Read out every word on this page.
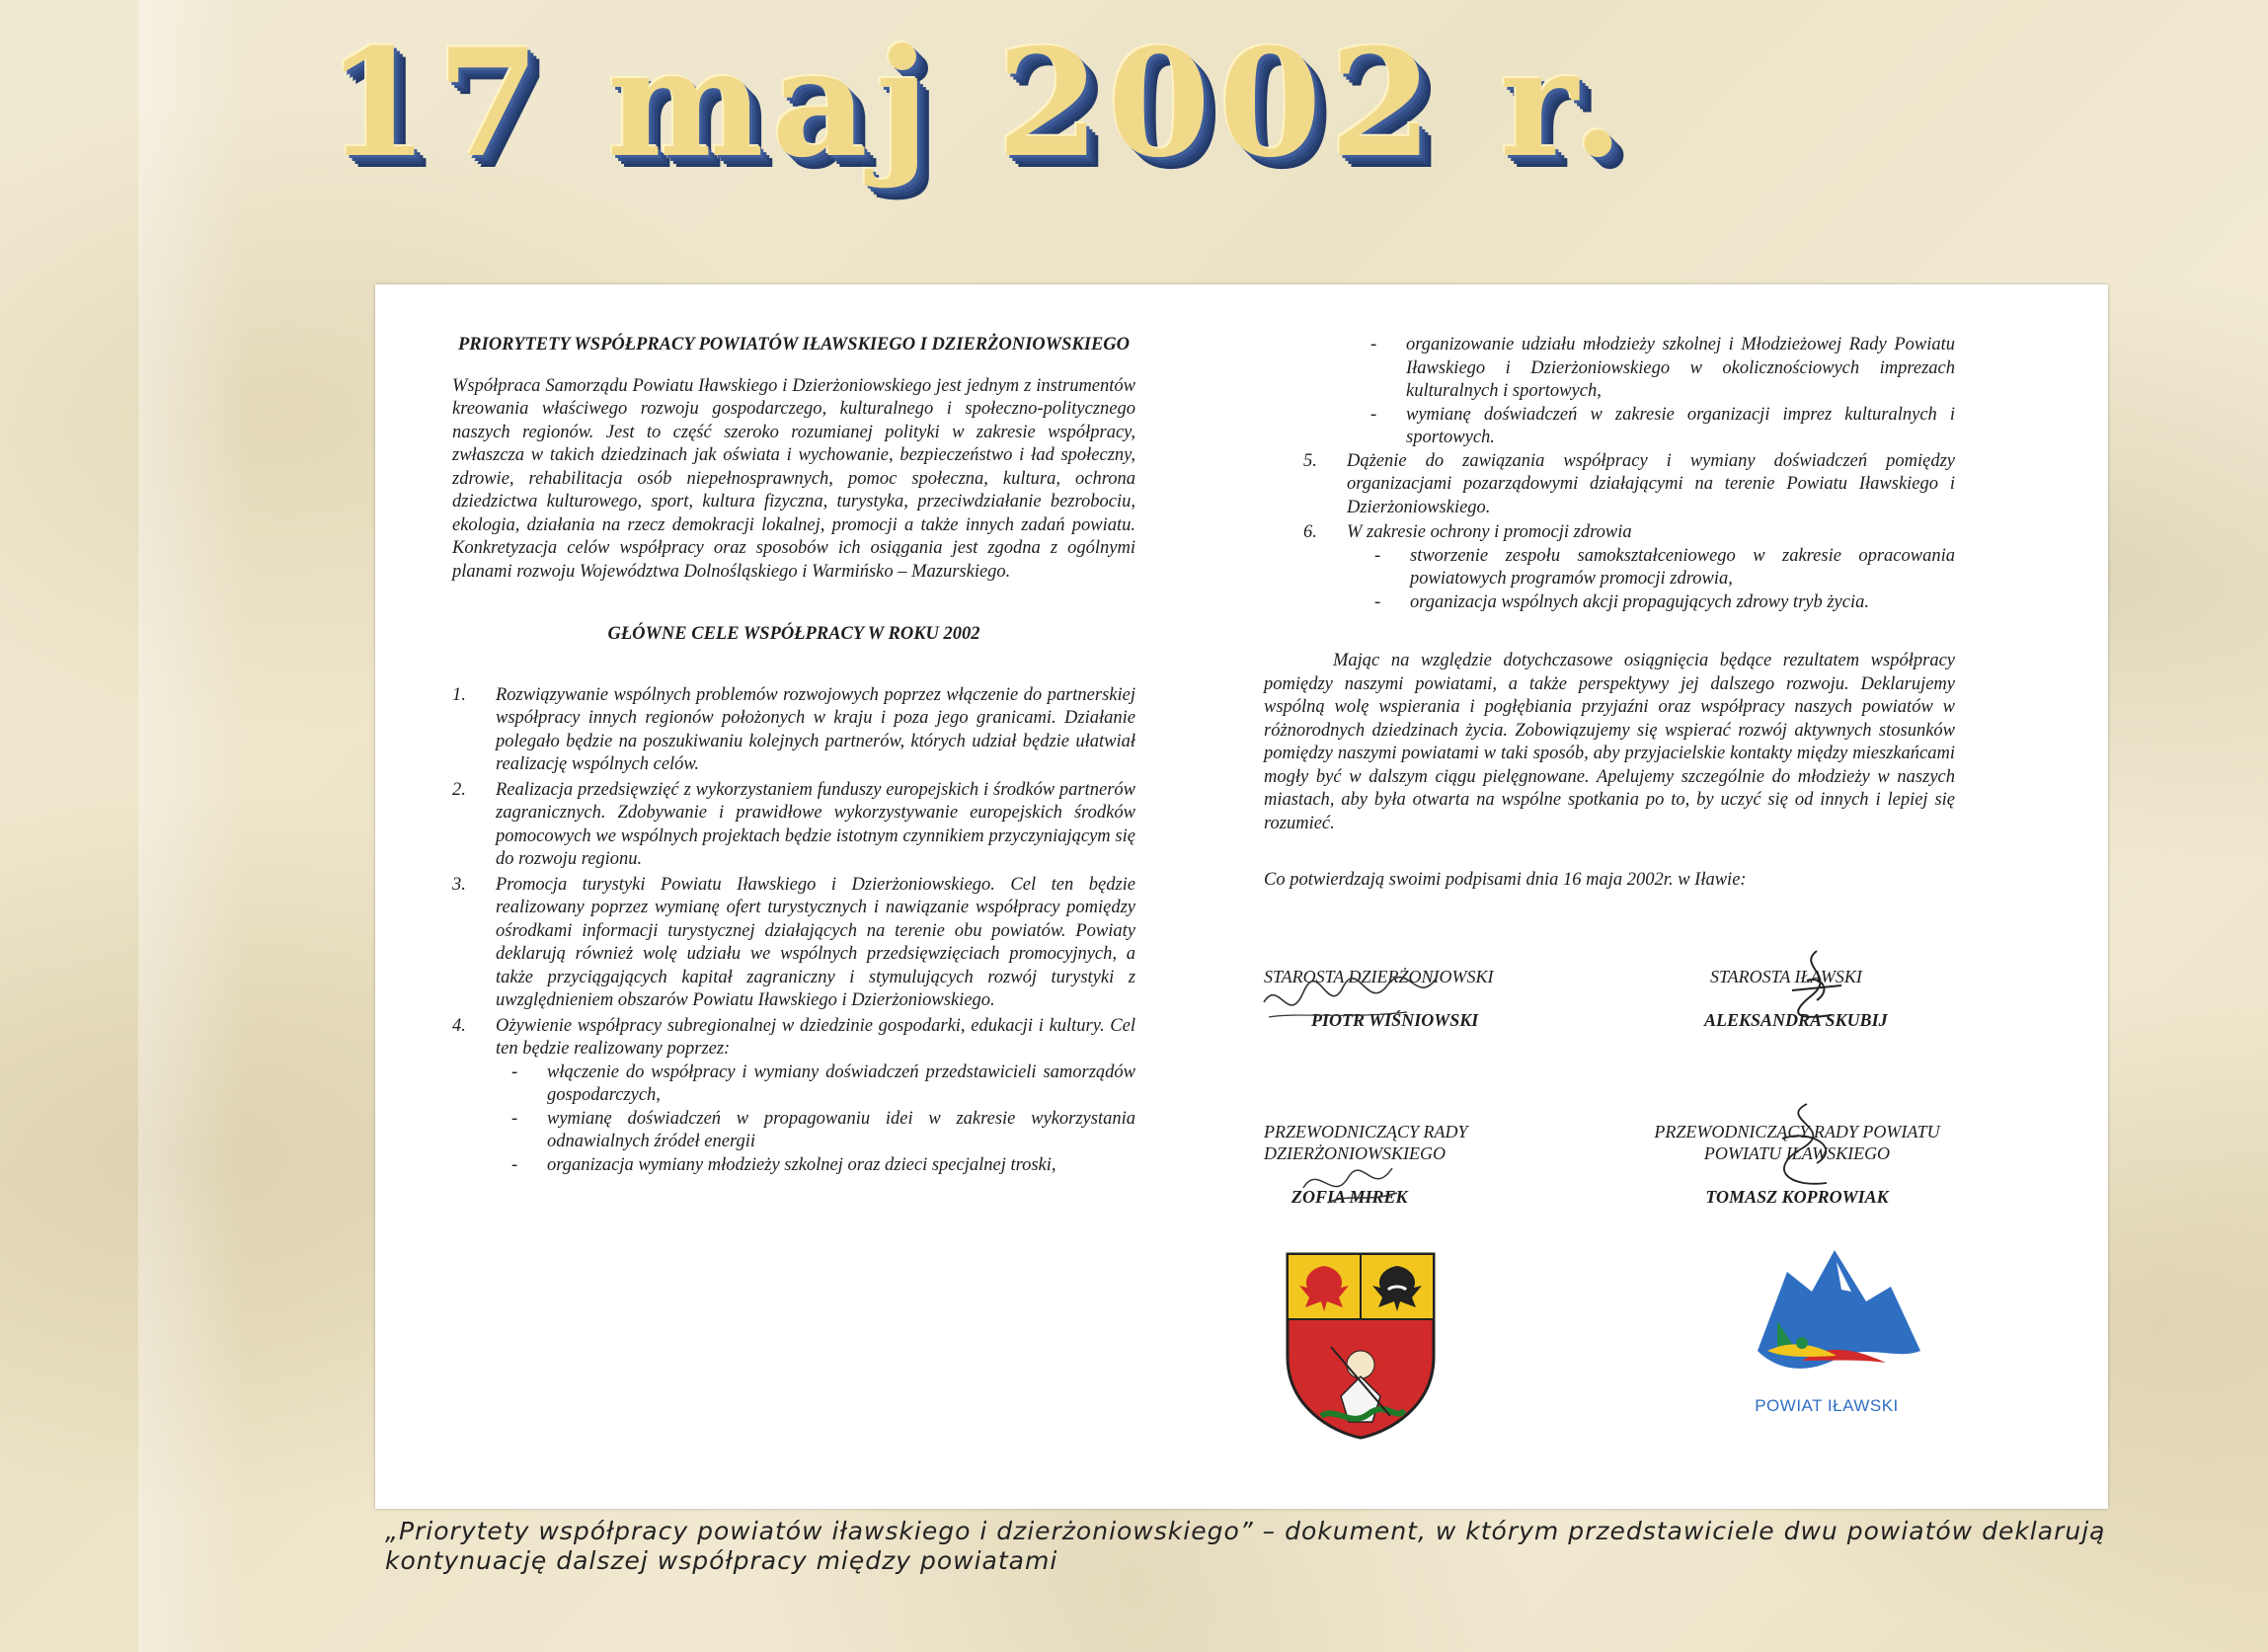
17 maj 2002 r.
PRIORYTETY WSPÓŁPRACY POWIATÓW IŁAWSKIEGO I DZIERŻONIOWSKIEGO

Współpraca Samorządu Powiatu Iławskiego i Dzierżoniowskiego jest jednym z instrumentów kreowania właściwego rozwoju gospodarczego, kulturalnego i społeczno-politycznego naszych regionów. Jest to część szeroko rozumianej polityki w zakresie współpracy, zwłaszcza w takich dziedzinach jak oświata i wychowanie, bezpieczeństwo i ład społeczny, zdrowie, rehabilitacja osób niepełnosprawnych, pomoc społeczna, kultura, ochrona dziedzictwa kulturowego, sport, kultura fizyczna, turystyka, przeciwdziałanie bezrobociu, ekologia, działania na rzecz demokracji lokalnej, promocji a także innych zadań powiatu. Konkretyzacja celów współpracy oraz sposobów ich osiągania jest zgodna z ogólnymi planami rozwoju Województwa Dolnośląskiego i Warmińsko – Mazurskiego.

GŁÓWNE CELE WSPÓŁPRACY W ROKU 2002
1. Rozwiązywanie wspólnych problemów rozwojowych poprzez włączenie do partnerskiej współpracy innych regionów położonych w kraju i poza jego granicami. Działanie polegało będzie na poszukiwaniu kolejnych partnerów, których udział będzie ułatwiał realizację wspólnych celów.
2. Realizacja przedsięwzięć z wykorzystaniem funduszy europejskich i środków partnerów zagranicznych. Zdobywanie i prawidłowe wykorzystywanie europejskich środków pomocowych we wspólnych projektach będzie istotnym czynnikiem przyczyniającym się do rozwoju regionu.
3. Promocja turystyki Powiatu Iławskiego i Dzierżoniowskiego. Cel ten będzie realizowany poprzez wymianę ofert turystycznych i nawiązanie współpracy pomiędzy ośrodkami informacji turystycznej działających na terenie obu powiatów. Powiaty deklarują również wolę udziału we wspólnych przedsięwzięciach promocyjnych, a także przyciągających kapitał zagraniczny i stymulujących rozwój turystyki z uwzględnieniem obszarów Powiatu Iławskiego i Dzierżoniowskiego.
4. Ożywienie współpracy subregionalnej w dziedzinie gospodarki, edukacji i kultury. Cel ten będzie realizowany poprzez:
- włączenie do współpracy i wymiany doświadczeń przedstawicieli samorządów gospodarczych,
- wymianę doświadczeń w propagowaniu idei w zakresie wykorzystania odnawialnych źródeł energii
- organizacja wymiany młodzieży szkolnej oraz dzieci specjalnej troski,
- organizowanie udziału młodzieży szkolnej i Młodzieżowej Rady Powiatu Iławskiego i Dzierżoniowskiego w okolicznościowych imprezach kulturalnych i sportowych,
- wymianę doświadczeń w zakresie organizacji imprez kulturalnych i sportowych.
5. Dążenie do zawiązania współpracy i wymiany doświadczeń pomiędzy organizacjami pozarządowymi działającymi na terenie Powiatu Iławskiego i Dzierżoniowskiego.
6. W zakresie ochrony i promocji zdrowia
- stworzenie zespołu samokształceniowego w zakresie opracowania powiatowych programów promocji zdrowia,
- organizacja wspólnych akcji propagujących zdrowy tryb życia.

Mając na względzie dotychczasowe osiągnięcia będące rezultatem współpracy pomiędzy naszymi powiatami, a także perspektywy jej dalszego rozwoju. Deklarujemy wspólną wolę wspierania i pogłębiania przyjaźni oraz współpracy naszych powiatów w różnorodnych dziedzinach życia. Zobowiązujemy się wspierać rozwój aktywnych stosunków pomiędzy naszymi powiatami w taki sposób, aby przyjacielskie kontakty między mieszkańcami mogły być w dalszym ciągu pielęgnowane. Apelujemy szczególnie do młodzieży w naszych miastach, aby była otwarta na wspólne spotkania po to, by uczyć się od innych i lepiej się rozumieć.

Co potwierdzają swoimi podpisami dnia 16 maja 2002r. w Iławie:

STAROSTA DZIERŻONIOWSKI
PIOTR WIŚNIOWSKI
STAROSTA IŁAWSKI
ALEKSANDRA SKUBIJ
PRZEWODNICZĄCY RADY
DZIERŻONIOWSKIEGO
ZOFIA MIREK
PRZEWODNICZĄCY RADY POWIATU
POWIATU IŁAWSKIEGO
TOMASZ KOPROWIAK
POWIAT IŁAWSKI
„Priorytety współpracy powiatów iławskiego i dzierżoniowskiego” – dokument, w którym przedstawiciele dwu powiatów deklarują kontynuację dalszej współpracy między powiatami
